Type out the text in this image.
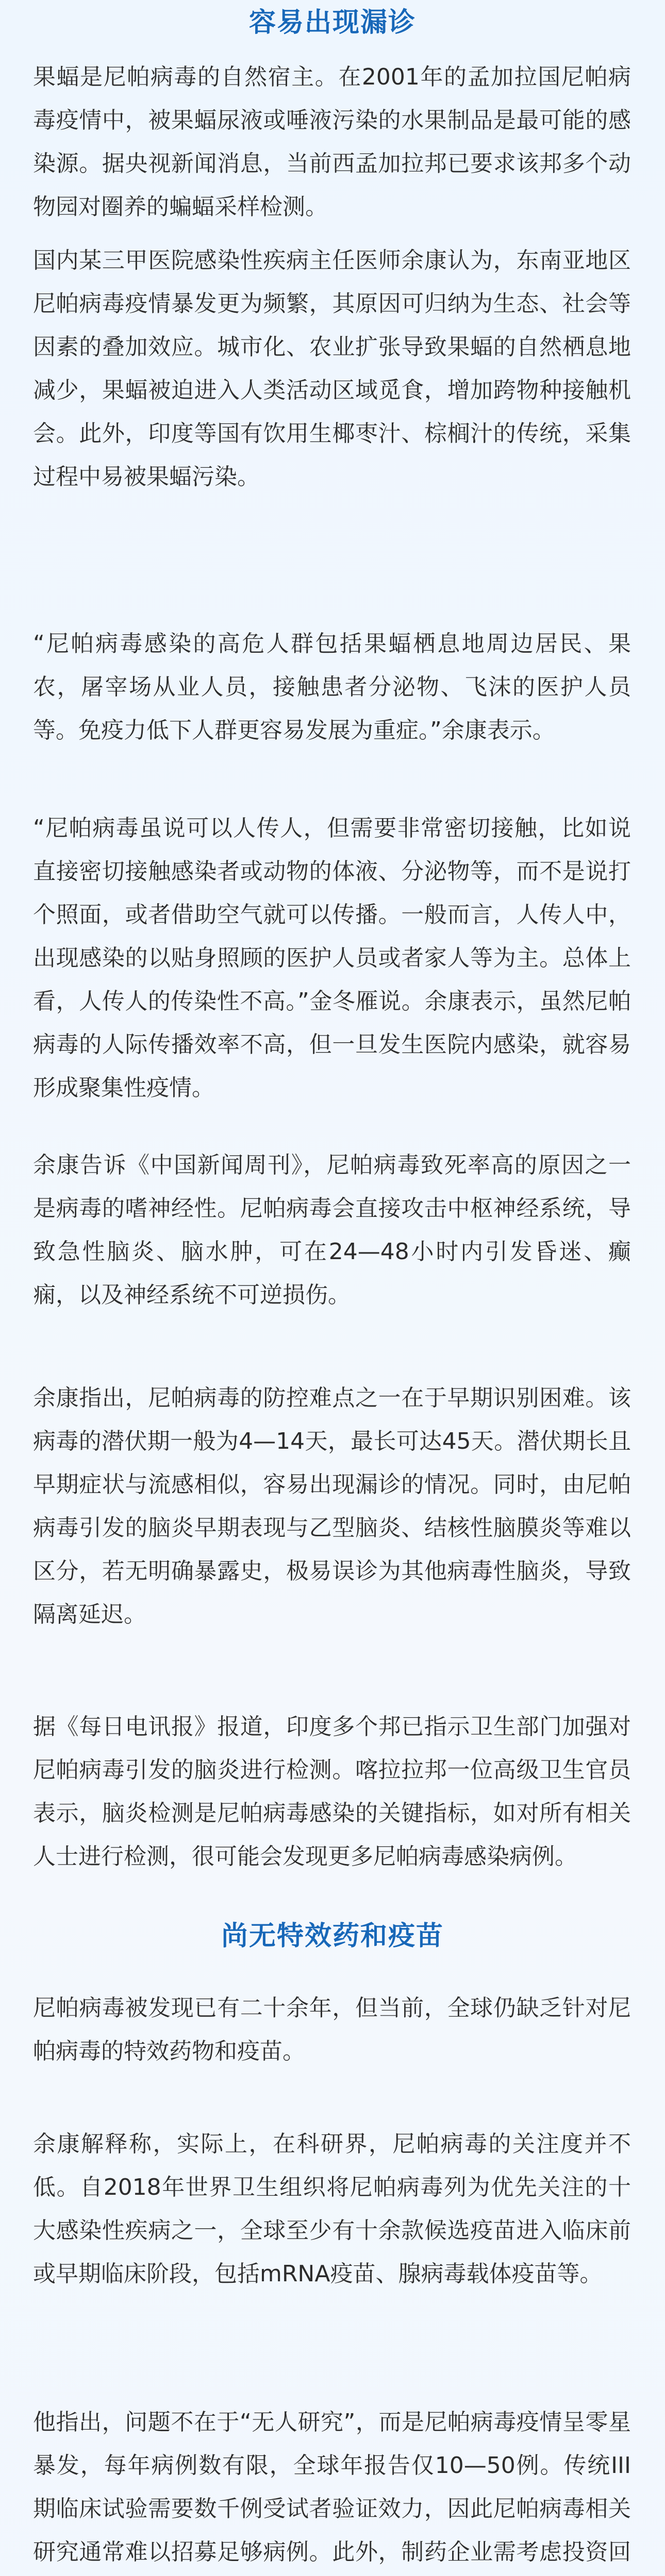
容易出现漏诊

果蝠是尼帕病毒的自然宿主。在2001年的孟加拉国尼帕病毒疫情中，被果蝠尿液或唾液污染的水果制品是最可能的感染源。据央视新闻消息，当前西孟加拉邦已要求该邦多个动物园对圈养的蝙蝠采样检测。

国内某三甲医院感染性疾病主任医师余康认为，东南亚地区尼帕病毒疫情暴发更为频繁，其原因可归纳为生态、社会等因素的叠加效应。城市化、农业扩张导致果蝠的自然栖息地减少，果蝠被迫进入人类活动区域觅食，增加跨物种接触机会。此外，印度等国有饮用生椰枣汁、棕榈汁的传统，采集过程中易被果蝠污染。

“尼帕病毒感染的高危人群包括果蝠栖息地周边居民、果农，屠宰场从业人员，接触患者分泌物、飞沫的医护人员等。免疫力低下人群更容易发展为重症。”余康表示。

“尼帕病毒虽说可以人传人，但需要非常密切接触，比如说直接密切接触感染者或动物的体液、分泌物等，而不是说打个照面，或者借助空气就可以传播。一般而言，人传人中，出现感染的以贴身照顾的医护人员或者家人等为主。总体上看，人传人的传染性不高。”金冬雁说。余康表示，虽然尼帕病毒的人际传播效率不高，但一旦发生医院内感染，就容易形成聚集性疫情。

余康告诉《中国新闻周刊》，尼帕病毒致死率高的原因之一是病毒的嗜神经性。尼帕病毒会直接攻击中枢神经系统，导致急性脑炎、脑水肿，可在24—48小时内引发昏迷、癫痫，以及神经系统不可逆损伤。

余康指出，尼帕病毒的防控难点之一在于早期识别困难。该病毒的潜伏期一般为4—14天，最长可达45天。潜伏期长且早期症状与流感相似，容易出现漏诊的情况。同时，由尼帕病毒引发的脑炎早期表现与乙型脑炎、结核性脑膜炎等难以区分，若无明确暴露史，极易误诊为其他病毒性脑炎，导致隔离延迟。

据《每日电讯报》报道，印度多个邦已指示卫生部门加强对尼帕病毒引发的脑炎进行检测。喀拉拉邦一位高级卫生官员表示，脑炎检测是尼帕病毒感染的关键指标，如对所有相关人士进行检测，很可能会发现更多尼帕病毒感染病例。

尚无特效药和疫苗

尼帕病毒被发现已有二十余年，但当前，全球仍缺乏针对尼帕病毒的特效药物和疫苗。

余康解释称，实际上，在科研界，尼帕病毒的关注度并不低。自2018年世界卫生组织将尼帕病毒列为优先关注的十大感染性疾病之一，全球至少有十余款候选疫苗进入临床前或早期临床阶段，包括mRNA疫苗、腺病毒载体疫苗等。

他指出，问题不在于“无人研究”，而是尼帕病毒疫情呈零星暴发，每年病例数有限，全球年报告仅10—50例。传统III期临床试验需要数千例受试者验证效力，因此尼帕病毒相关研究通常难以招募足够病例。此外，制药企业需考虑投资回
